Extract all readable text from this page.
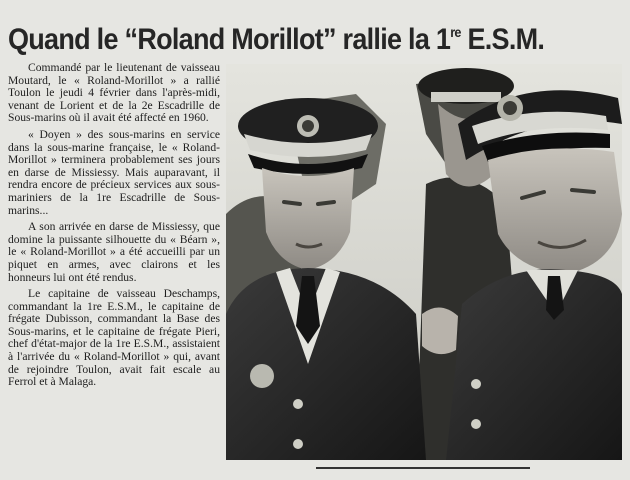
Quand le “Roland Morillot” rallie la 1re E.S.M.

Commandé par le lieutenant de vaisseau Moutard, le « Roland-Morillot » a rallié Toulon le jeudi 4 février dans l'après-midi, venant de Lorient et de la 2e Escadrille de Sous-marins où il avait été affecté en 1960.

« Doyen » des sous-marins en service dans la sous-marine française, le « Roland-Morillot » terminera probablement ses jours en darse de Missiessy. Mais auparavant, il rendra encore de précieux services aux sous-mariniers de la 1re Escadrille de Sous-marins...

A son arrivée en darse de Missiessy, que domine la puissante silhouette du « Béarn », le « Roland-Morillot » a été accueilli par un piquet en armes, avec clairons et les honneurs lui ont été rendus.

Le capitaine de vaisseau Deschamps, commandant la 1re E.S.M., le capitaine de frégate Dubisson, commandant la Base des Sous-marins, et le capitaine de frégate Pieri, chef d'état-major de la 1re E.S.M., assistaient à l'arrivée du « Roland-Morillot » qui, avant de rejoindre Toulon, avait fait escale au Ferrol et à Malaga.
